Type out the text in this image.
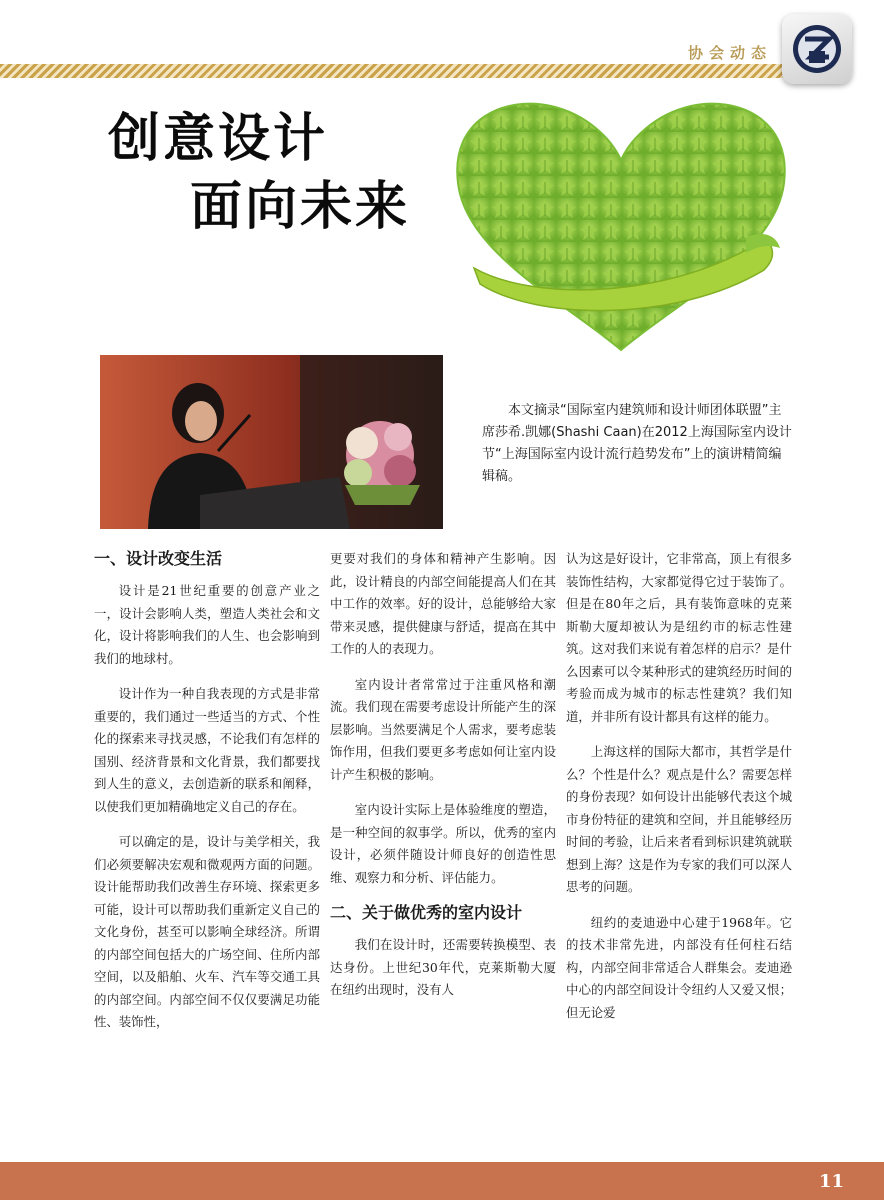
协会动态
创意设计
面向未来
本文摘录“国际室内建筑师和设计师团体联盟”主席莎希.凯娜(Shashi Caan)在2012上海国际室内设计节“上海国际室内设计流行趋势发布”上的演讲精简编辑稿。
一、设计改变生活

设计是21世纪重要的创意产业之一，设计会影响人类，塑造人类社会和文化，设计将影响我们的人生、也会影响到我们的地球村。

设计作为一种自我表现的方式是非常重要的，我们通过一些适当的方式、个性化的探索来寻找灵感，不论我们有怎样的国别、经济背景和文化背景，我们都要找到人生的意义，去创造新的联系和阐释，以使我们更加精确地定义自己的存在。

可以确定的是，设计与美学相关，我们必须要解决宏观和微观两方面的问题。设计能帮助我们改善生存环境、探索更多可能，设计可以帮助我们重新定义自己的文化身份，甚至可以影响全球经济。所谓的内部空间包括大的广场空间、住所内部空间，以及船舶、火车、汽车等交通工具的内部空间。内部空间不仅仅要满足功能性、装饰性，

更要对我们的身体和精神产生影响。因此，设计精良的内部空间能提高人们在其中工作的效率。好的设计，总能够给大家带来灵感，提供健康与舒适，提高在其中工作的人的表现力。

室内设计者常常过于注重风格和潮流。我们现在需要考虑设计所能产生的深层影响。当然要满足个人需求，要考虑装饰作用，但我们要更多考虑如何让室内设计产生积极的影响。

室内设计实际上是体验维度的塑造，是一种空间的叙事学。所以，优秀的室内设计，必须伴随设计师良好的创造性思维、观察力和分析、评估能力。

二、关于做优秀的室内设计

我们在设计时，还需要转换模型、表达身份。上世纪30年代，克莱斯勒大厦在纽约出现时，没有人

认为这是好设计，它非常高，顶上有很多装饰性结构，大家都觉得它过于装饰了。但是在80年之后，具有装饰意味的克莱斯勒大厦却被认为是纽约市的标志性建筑。这对我们来说有着怎样的启示？是什么因素可以令某种形式的建筑经历时间的考验而成为城市的标志性建筑？我们知道，并非所有设计都具有这样的能力。

上海这样的国际大都市，其哲学是什么？个性是什么？观点是什么？需要怎样的身份表现？如何设计出能够代表这个城市身份特征的建筑和空间，并且能够经历时间的考验，让后来者看到标识建筑就联想到上海？这是作为专家的我们可以深人思考的问题。

纽约的麦迪逊中心建于1968年。它的技术非常先进，内部没有任何柱石结构，内部空间非常适合人群集会。麦迪逊中心的内部空间设计令纽约人又爱又恨；但无论爱

11
